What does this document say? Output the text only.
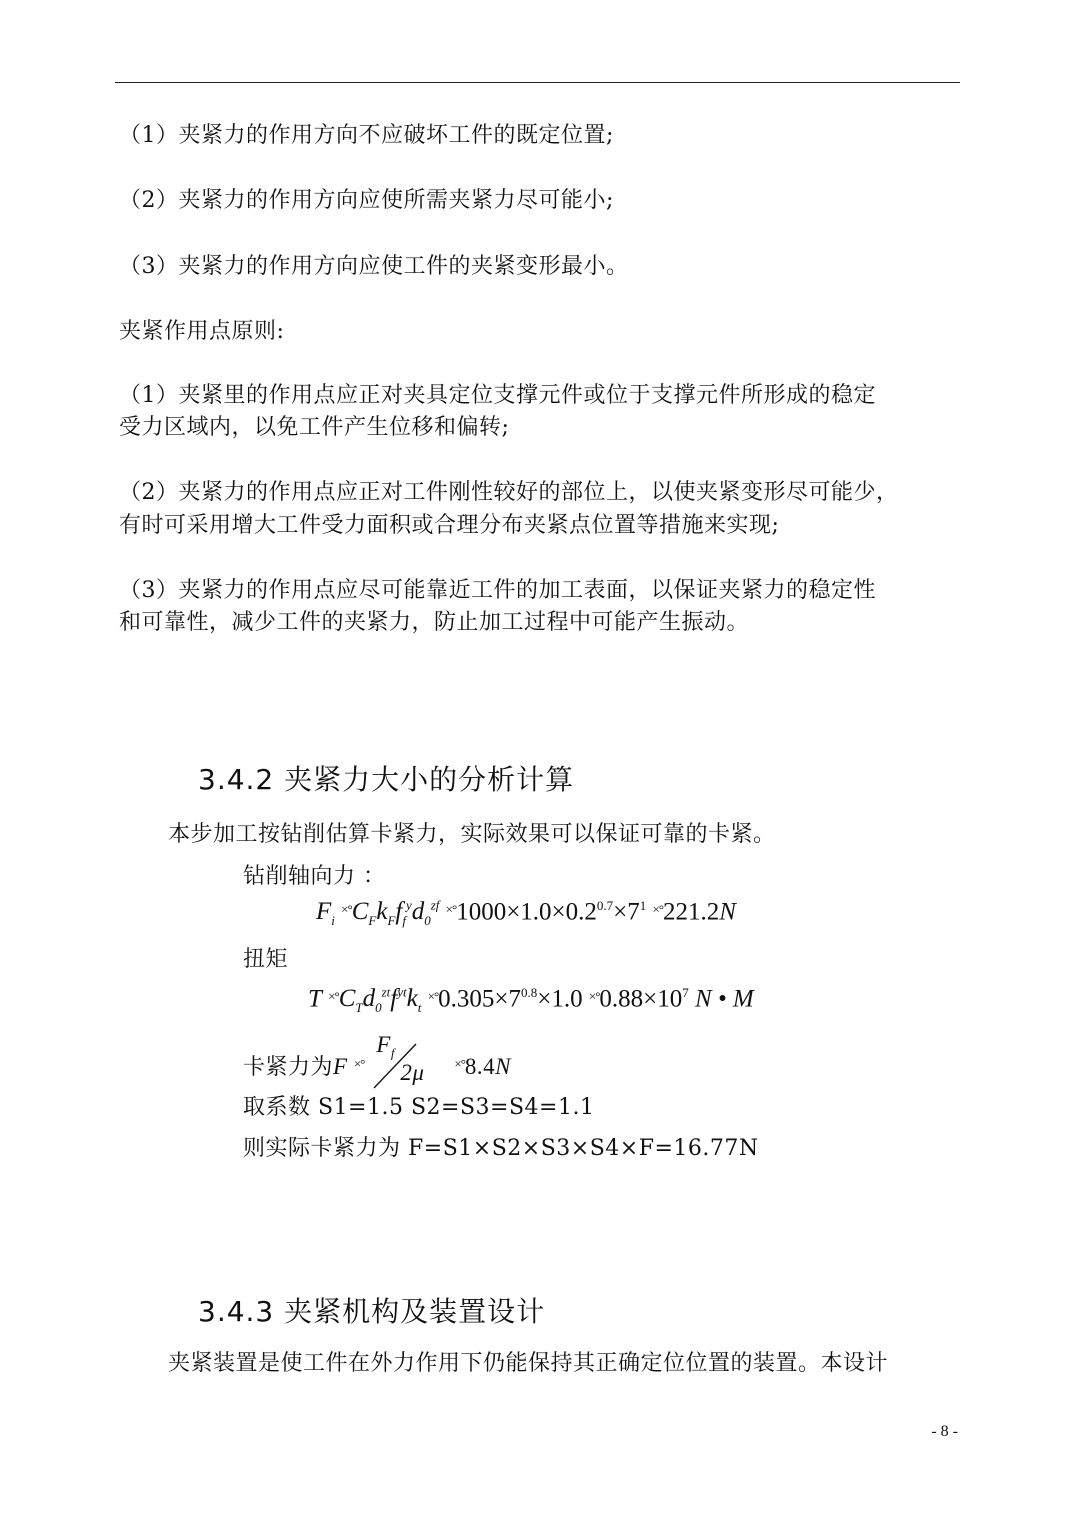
（1）夹紧力的作用方向不应破坏工件的既定位置;

（2）夹紧力的作用方向应使所需夹紧力尽可能小;

（3）夹紧力的作用方向应使工件的夹紧变形最小。

夹紧作用点原则:

（1）夹紧里的作用点应正对夹具定位支撑元件或位于支撑元件所形成的稳定

受力区域内，以免工件产生位移和偏转;

（2）夹紧力的作用点应正对工件刚性较好的部位上，以使夹紧变形尽可能少，

有时可采用增大工件受力面积或合理分布夹紧点位置等措施来实现;

（3）夹紧力的作用点应尽可能靠近工件的加工表面，以保证夹紧力的稳定性

和可靠性，减少工件的夹紧力，防止加工过程中可能产生振动。

3.4.2 夹紧力大小的分析计算

本步加工按钻削估算卡紧力，实际效果可以保证可靠的卡紧。

钻削轴向力 ：

$F_i$ $^{\times^\circ}C_Fk_Ff_f^yd_0^{zf}$ $^{\times^\circ}1000\times 1.0\times 0.2^{0.7}\times 7^1$ ×°221.2N

扭矩

T $^{\times^\circ}C_Td_0^{zt}f^{yt}k_t$ $^{\times^\circ}0.305\times 7^{0.8}\times 1.0$ $^{\times^\circ}0.88\times 10^7$ N • M
卡紧力为F ×°
$F_f$
2μ ×°8.4N

取系数 S1=1.5 S2=S3=S4=1.1

则实际卡紧力为 F=S1×S2×S3×S4×F=16.77N

3.4.3 夹紧机构及装置设计

夹紧装置是使工件在外力作用下仍能保持其正确定位位置的装置。本设计

- 8 -
